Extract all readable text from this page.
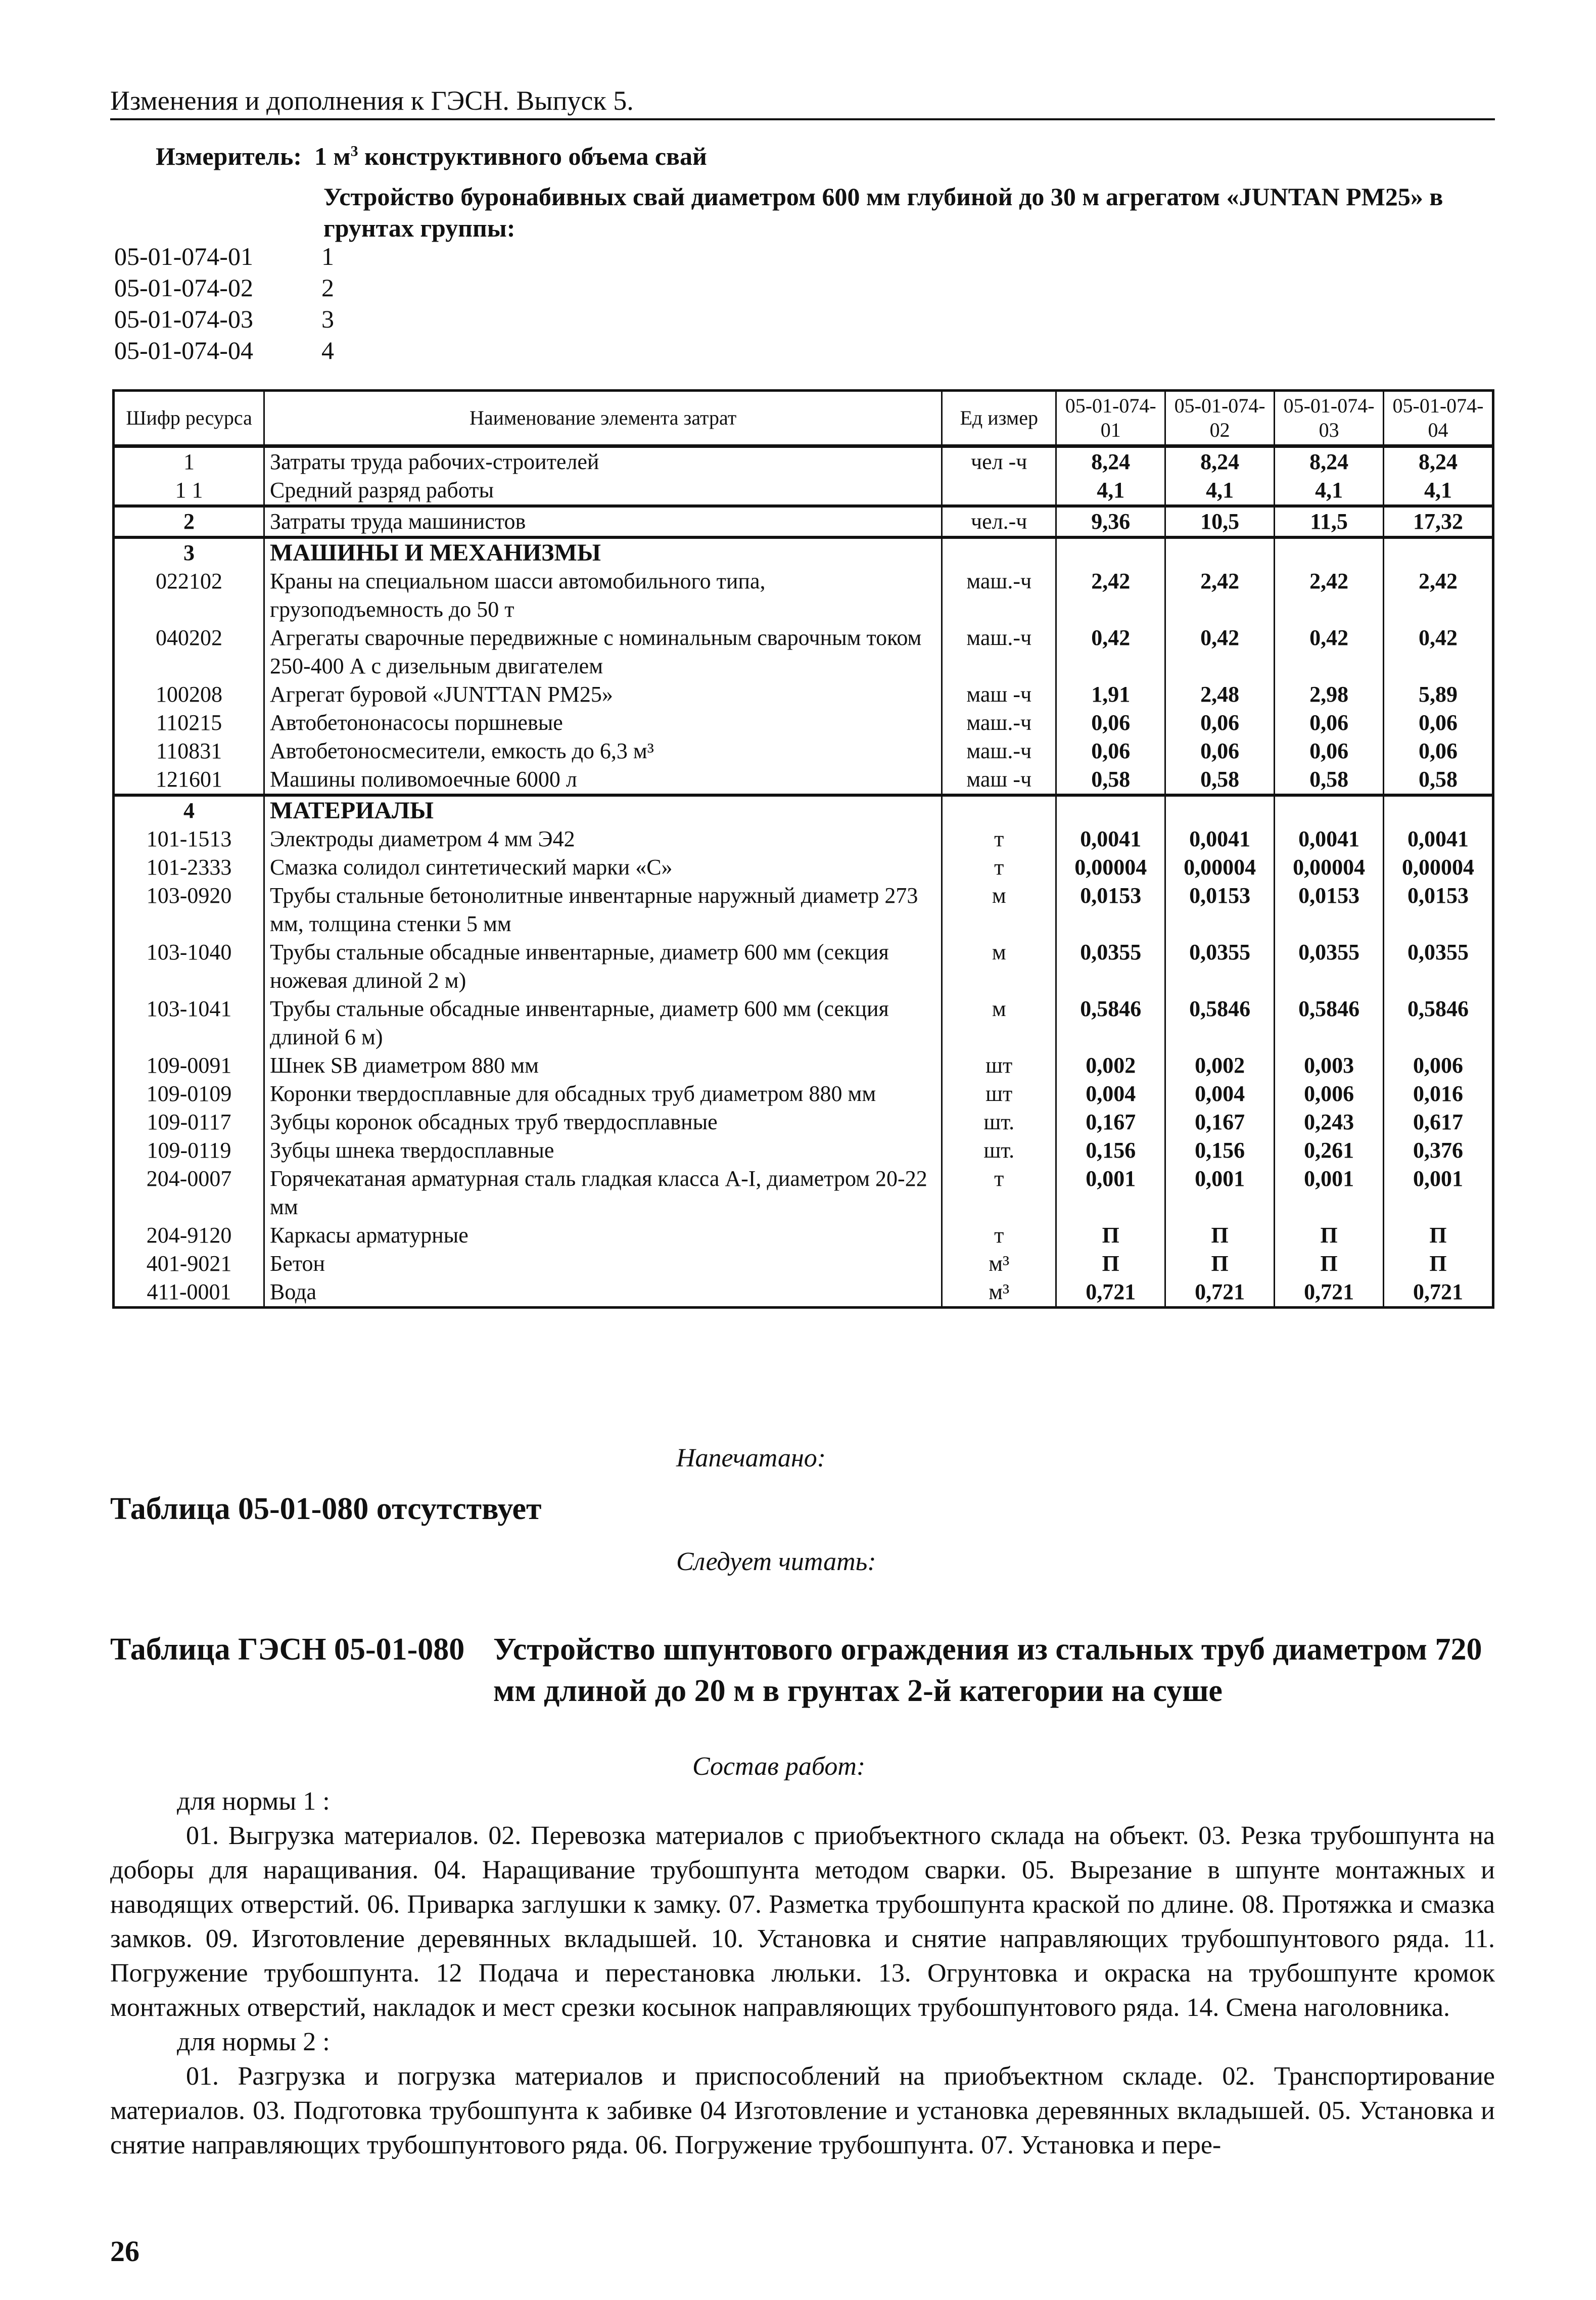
Изменения и дополнения к ГЭСН. Выпуск 5.
Измеритель: 1 $м^3$ конструктивного объема свай
Устройство буронабивных свай диаметром 600 мм глубиной до 30 м агрегатом «JUNTAN PM25» в грунтах группы:
05-01-074-01	1
05-01-074-02	2
05-01-074-03	3
05-01-074-04	4
Шифр ресурса	Наименование элемента затрат	Ед измер	05-01-074-01	05-01-074-02	05-01-074-03	05-01-074-04
1	Затраты труда рабочих-строителей	чел -ч	8,24	8,24	8,24	8,24
1 1	Средний разряд работы		4,1	4,1	4,1	4,1
2	Затраты труда машинистов	чел.-ч	9,36	10,5	11,5	17,32
3	МАШИНЫ И МЕХАНИЗМЫ					
022102	Краны на специальном шасси автомобильного типа, грузоподъемность до 50 т	маш.-ч	2,42	2,42	2,42	2,42
040202	Агрегаты сварочные передвижные с номинальным сварочным током 250-400 А с дизельным двигателем	маш.-ч	0,42	0,42	0,42	0,42
100208	Агрегат буровой «JUNTTAN PM25»	маш -ч	1,91	2,48	2,98	5,89
110215	Автобетононасосы поршневые	маш.-ч	0,06	0,06	0,06	0,06
110831	Автобетоносмесители, емкость до 6,3 м³	маш.-ч	0,06	0,06	0,06	0,06
121601	Машины поливомоечные 6000 л	маш -ч	0,58	0,58	0,58	0,58
4	МАТЕРИАЛЫ					
101-1513	Электроды диаметром 4 мм Э42	т	0,0041	0,0041	0,0041	0,0041
101-2333	Смазка солидол синтетический марки «С»	т	0,00004	0,00004	0,00004	0,00004
103-0920	Трубы стальные бетонолитные инвентарные наружный диаметр 273 мм, толщина стенки 5 мм	м	0,0153	0,0153	0,0153	0,0153
103-1040	Трубы стальные обсадные инвентарные, диаметр 600 мм (секция ножевая длиной 2 м)	м	0,0355	0,0355	0,0355	0,0355
103-1041	Трубы стальные обсадные инвентарные, диаметр 600 мм (секция длиной 6 м)	м	0,5846	0,5846	0,5846	0,5846
109-0091	Шнек SB диаметром 880 мм	шт	0,002	0,002	0,003	0,006
109-0109	Коронки твердосплавные для обсадных труб диаметром 880 мм	шт	0,004	0,004	0,006	0,016
109-0117	Зубцы коронок обсадных труб твердосплавные	шт.	0,167	0,167	0,243	0,617
109-0119	Зубцы шнека твердосплавные	шт.	0,156	0,156	0,261	0,376
204-0007	Горячекатаная арматурная сталь гладкая класса А-I, диаметром 20-22 мм	т	0,001	0,001	0,001	0,001
204-9120	Каркасы арматурные	т	П	П	П	П
401-9021	Бетон	м³	П	П	П	П
411-0001	Вода	м³	0,721	0,721	0,721	0,721
Напечатано:
Таблица 05-01-080 отсутствует
Следует читать:
Таблица ГЭСН 05-01-080 Устройство шпунтового ограждения из стальных труб диаметром 720 мм длиной до 20 м в грунтах 2-й категории на суше
Состав работ:
для нормы 1 :

01. Выгрузка материалов. 02. Перевозка материалов с приобъектного склада на объект. 03. Резка трубошпунта на доборы для наращивания. 04. Наращивание трубошпунта методом сварки. 05. Вырезание в шпунте монтажных и наводящих отверстий. 06. Приварка заглушки к замку. 07. Разметка трубошпунта краской по длине. 08. Протяжка и смазка замков. 09. Изготовление деревянных вкладышей. 10. Установка и снятие направляющих трубошпунтового ряда. 11. Погружение трубошпунта. 12 Подача и перестановка люльки. 13. Огрунтовка и окраска на трубошпунте кромок монтажных отверстий, накладок и мест срезки косынок направляющих трубошпунтового ряда. 14. Смена наголовника.

для нормы 2 :

01. Разгрузка и погрузка материалов и приспособлений на приобъектном складе. 02. Транспортирование материалов. 03. Подготовка трубошпунта к забивке 04 Изготовление и установка деревянных вкладышей. 05. Установка и снятие направляющих трубошпунтового ряда. 06. Погружение трубошпунта. 07. Установка и пере-

26
